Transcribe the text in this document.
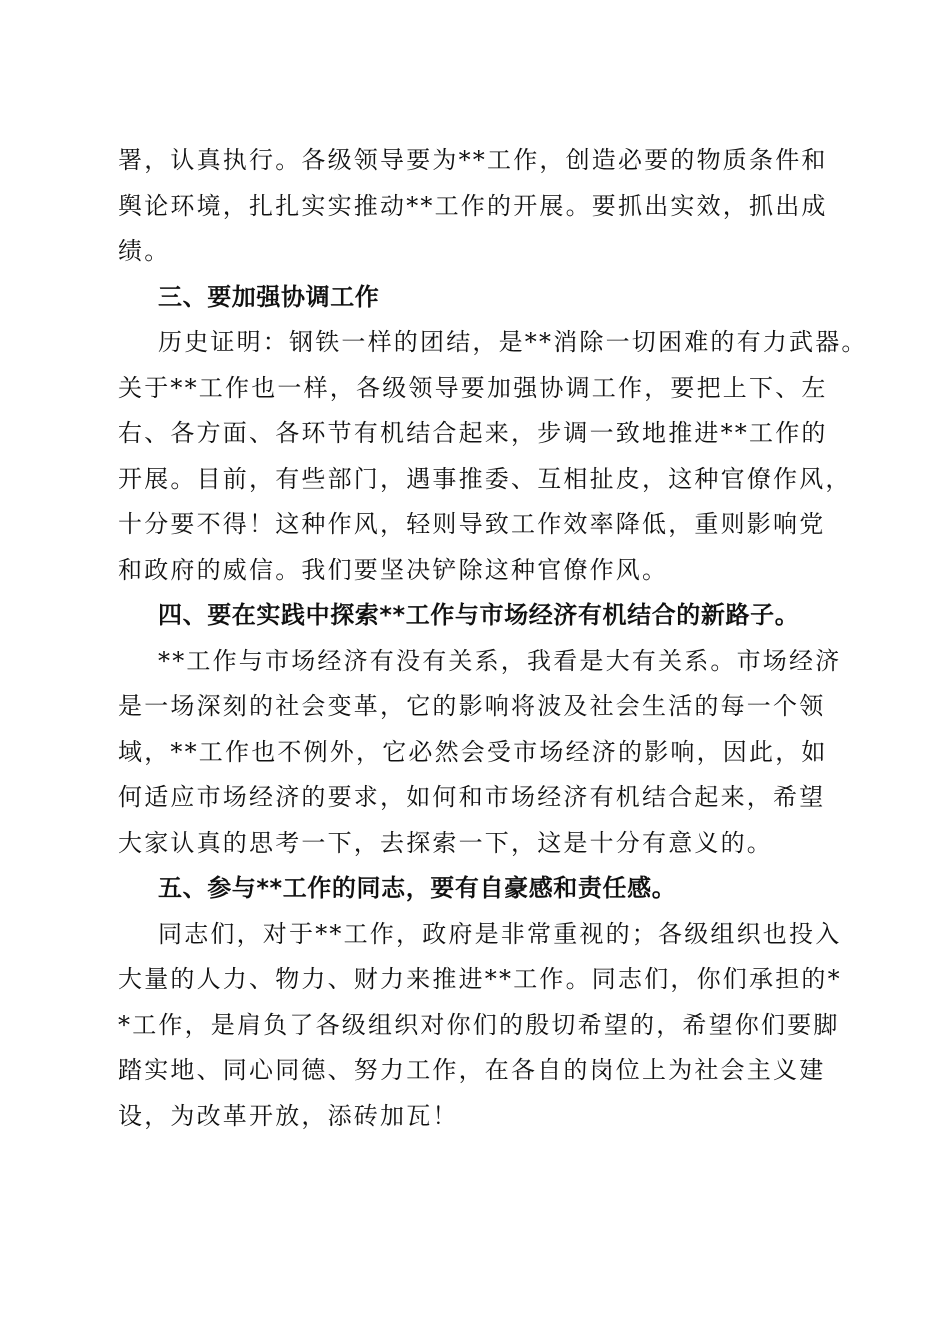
署，认真执行。各级领导要为**工作，创造必要的物质条件和
舆论环境，扎扎实实推动**工作的开展。要抓出实效，抓出成
绩。
三、要加强协调工作
历史证明：钢铁一样的团结，是**消除一切困难的有力武器。
关于**工作也一样，各级领导要加强协调工作，要把上下、左
右、各方面、各环节有机结合起来，步调一致地推进**工作的
开展。目前，有些部门，遇事推委、互相扯皮，这种官僚作风，
十分要不得！这种作风，轻则导致工作效率降低，重则影响党
和政府的威信。我们要坚决铲除这种官僚作风。
四、要在实践中探索**工作与市场经济有机结合的新路子。
**工作与市场经济有没有关系，我看是大有关系。市场经济
是一场深刻的社会变革，它的影响将波及社会生活的每一个领
域，**工作也不例外，它必然会受市场经济的影响，因此，如
何适应市场经济的要求，如何和市场经济有机结合起来，希望
大家认真的思考一下，去探索一下，这是十分有意义的。
五、参与**工作的同志，要有自豪感和责任感。
同志们，对于**工作，政府是非常重视的；各级组织也投入
大量的人力、物力、财力来推进**工作。同志们，你们承担的*
*工作，是肩负了各级组织对你们的殷切希望的，希望你们要脚
踏实地、同心同德、努力工作，在各自的岗位上为社会主义建
设，为改革开放，添砖加瓦！
